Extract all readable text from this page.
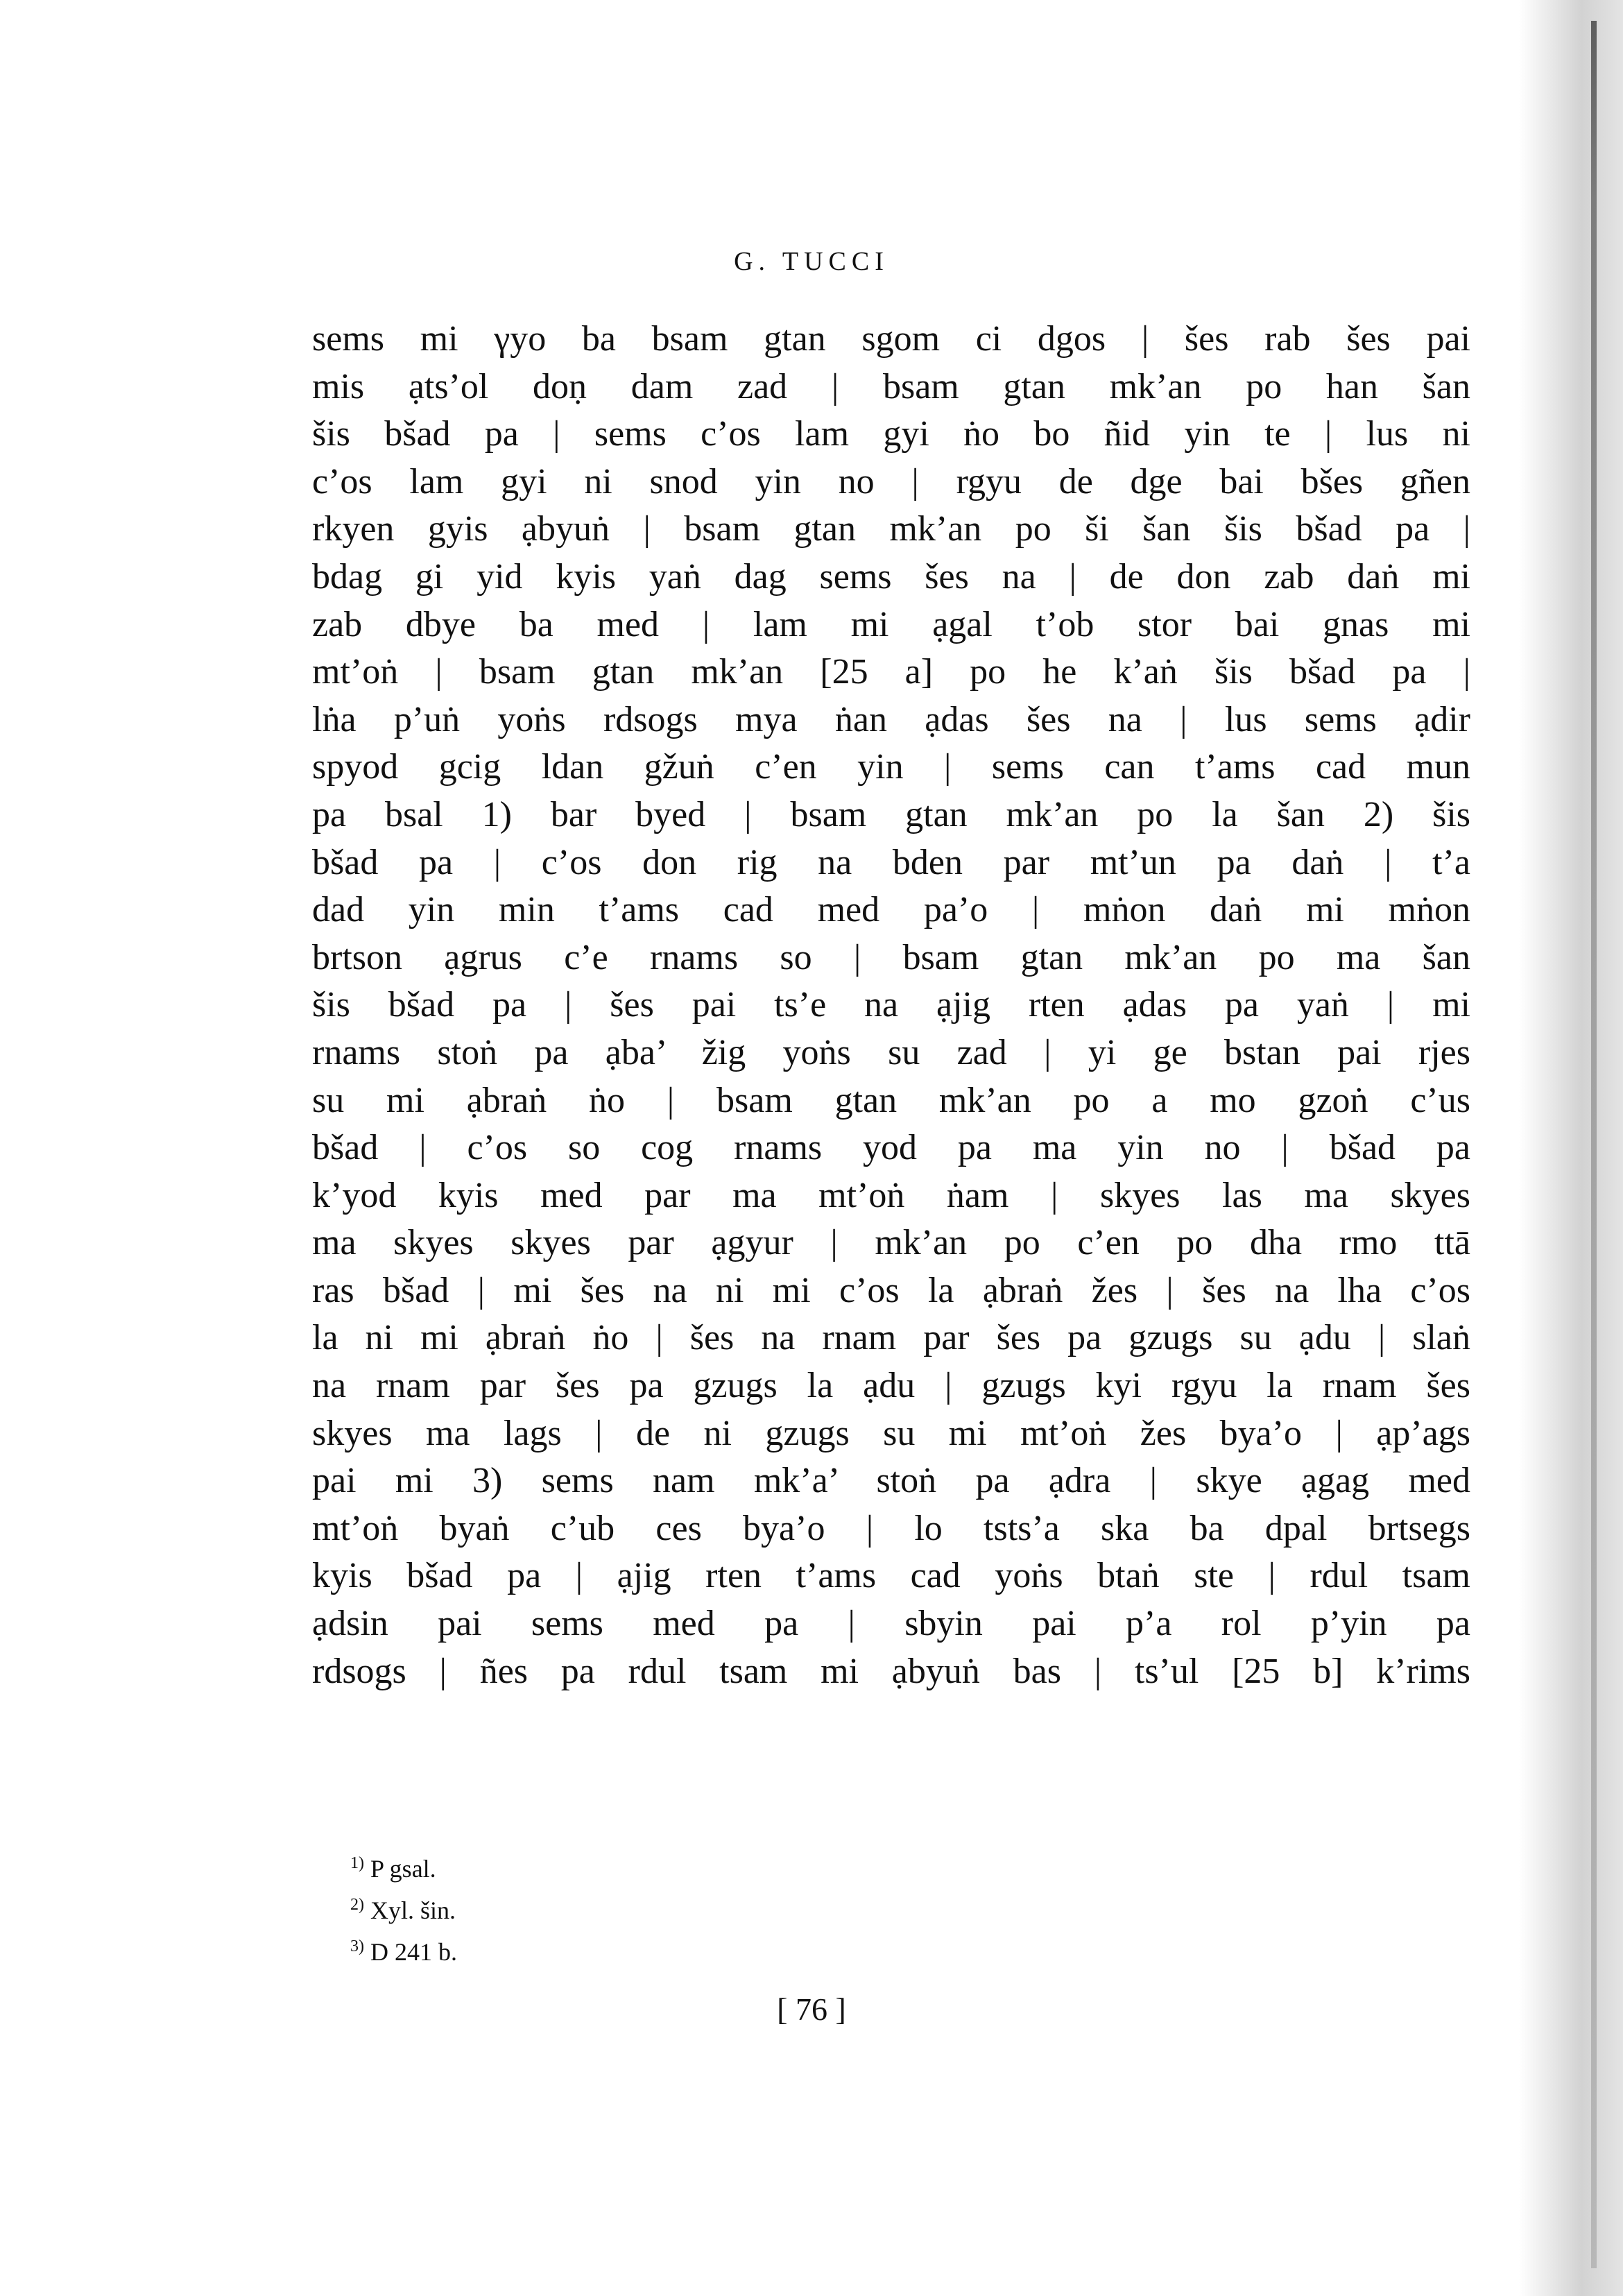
G. TUCCI
sems mi γyo ba bsam gtan sgom ci dgos | šes rab šes pai
mis ạts’ol doṇ dam zad | bsam gtan mk’an po han šan
šis bšad pa | sems c’os lam gyi ṅo bo ñid yin te | lus ni
c’os lam gyi ni snod yin no | rgyu de dge bai bšes gñen
rkyen gyis ạbyuṅ | bsam gtan mk’an po ši šan šis bšad pa |
bdag gi yid kyis yaṅ dag sems šes na | de don zab daṅ mi
zab dbye ba med | lam mi ạgal t’ob stor bai gnas mi
mt’oṅ | bsam gtan mk’an [25 a] po he k’aṅ šis bšad pa |
lṅa p’uṅ yoṅs rdsogs mya ṅan ạdas šes na | lus sems ạdir
spyod gcig ldan gžuṅ c’en yin | sems can t’ams cad mun
pa bsal 1) bar byed | bsam gtan mk’an po la šan 2) šis
bšad pa | c’os don rig na bden par mt’un pa daṅ | t’a
dad yin min t’ams cad med pa’o | mṅon daṅ mi mṅon
brtson ạgrus c’e rnams so | bsam gtan mk’an po ma šan
šis bšad pa | šes pai ts’e na ạjig rten ạdas pa yaṅ | mi
rnams stoṅ pa ạba’ žig yoṅs su zad | yi ge bstan pai rjes
su mi ạbraṅ ṅo | bsam gtan mk’an po a mo gzoṅ c’us
bšad | c’os so cog rnams yod pa ma yin no | bšad pa
k’yod kyis med par ma mt’oṅ ṅam | skyes las ma skyes
ma skyes skyes par ạgyur | mk’an po c’en po dha rmo ttā
ras bšad | mi šes na ni mi c’os la ạbraṅ žes | šes na lha c’os
la ni mi ạbraṅ ṅo | šes na rnam par šes pa gzugs su ạdu | slaṅ
na rnam par šes pa gzugs la ạdu | gzugs kyi rgyu la rnam šes
skyes ma lags | de ni gzugs su mi mt’oṅ žes bya’o | ạp’ags
pai mi 3) sems nam mk’a’ stoṅ pa ạdra | skye ạgag med
mt’oṅ byaṅ c’ub ces bya’o | lo tsts’a ska ba dpal brtsegs
kyis bšad pa | ạjig rten t’ams cad yoṅs btaṅ ste | rdul tsam
ạdsin pai sems med pa | sbyin pai p’a rol p’yin pa
rdsogs | ñes pa rdul tsam mi ạbyuṅ bas | ts’ul [25 b] k’rims
$^{1)}$ P gsal.
$^{2)}$ Xyl. šin.
$^{3)}$ D 241 b.
[ 76 ]
